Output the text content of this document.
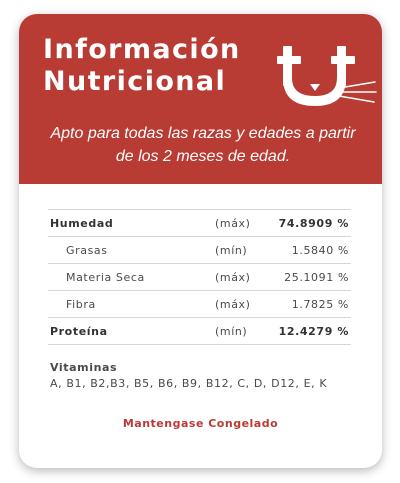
Información
Nutricional

Apto para todas las razas y edades a partir de los 2 meses de edad.

Humedad	(máx)	74.8909 %
Grasas	(mín)	1.5840 %
Materia Seca	(máx)	25.1091 %
Fibra	(máx)	1.7825 %
Proteína	(mín)	12.4279 %

Vitaminas

A, B1, B2,B3, B5, B6, B9, B12, C, D, D12, E, K

Mantengase Congelado
